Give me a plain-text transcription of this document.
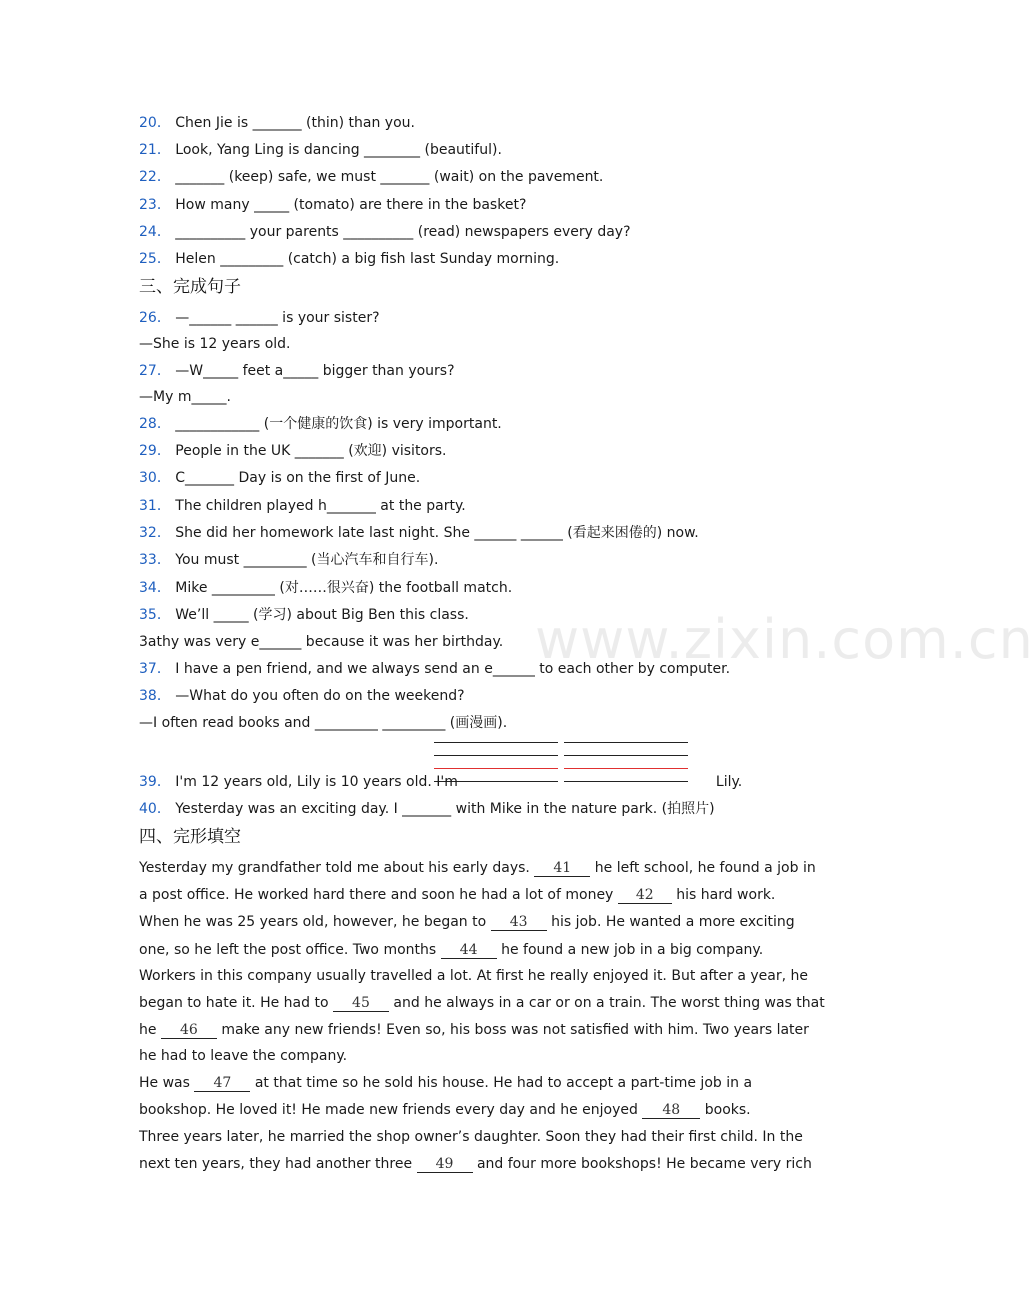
20． Chen Jie is _______ (thin) than you.
21． Look, Yang Ling is dancing ________ (beautiful).
22． _______ (keep) safe, we must _______ (wait) on the pavement.
23． How many _____ (tomato) are there in the basket?
24． __________ your parents __________ (read) newspapers every day?
25． Helen _________ (catch) a big fish last Sunday morning.
三、完成句子
26． —______ ______ is your sister?
—She is 12 years old.
27． —W_____ feet a_____ bigger than yours?
—My m_____.
28． ____________ (一个健康的饮食) is very important.
29． People in the UK _______ (欢迎) visitors.
30． C_______ Day is on the first of June.
31． The children played h_______ at the party.
32． She did her homework late last night. She ______ ______ (看起来困倦的) now.
33． You must _________ (当心汽车和自行车).
34． Mike _________ (对……很兴奋) the football match.
35． We’ll _____ (学习) about Big Ben this class.
3athy was very e______ because it was her birthday.
37． I have a pen friend, and we always send an e______ to each other by computer.
38． —What do you often do on the weekend?
—I often read books and _________ _________ (画漫画).
39． I'm 12 years old, Lily is 10 years old. I'm	Lily.
40． Yesterday was an exciting day. I _______ with Mike in the nature park. (拍照片)
四、完形填空
Yesterday my grandfather told me about his early days. 41 he left school, he found a job in
a post office. He worked hard there and soon he had a lot of money 42 his hard work.
When he was 25 years old, however, he began to 43 his job. He wanted a more exciting
one, so he left the post office. Two months 44 he found a new job in a big company.
Workers in this company usually travelled a lot. At first he really enjoyed it. But after a year, he
began to hate it. He had to 45 and he always in a car or on a train. The worst thing was that
he 46 make any new friends! Even so, his boss was not satisfied with him. Two years later
he had to leave the company.
He was 47 at that time so he sold his house. He had to accept a part-time job in a
bookshop. He loved it! He made new friends every day and he enjoyed 48 books.
Three years later, he married the shop owner’s daughter. Soon they had their first child. In the
next ten years, they had another three 49 and four more bookshops! He became very rich
www.zixin.com.cn
